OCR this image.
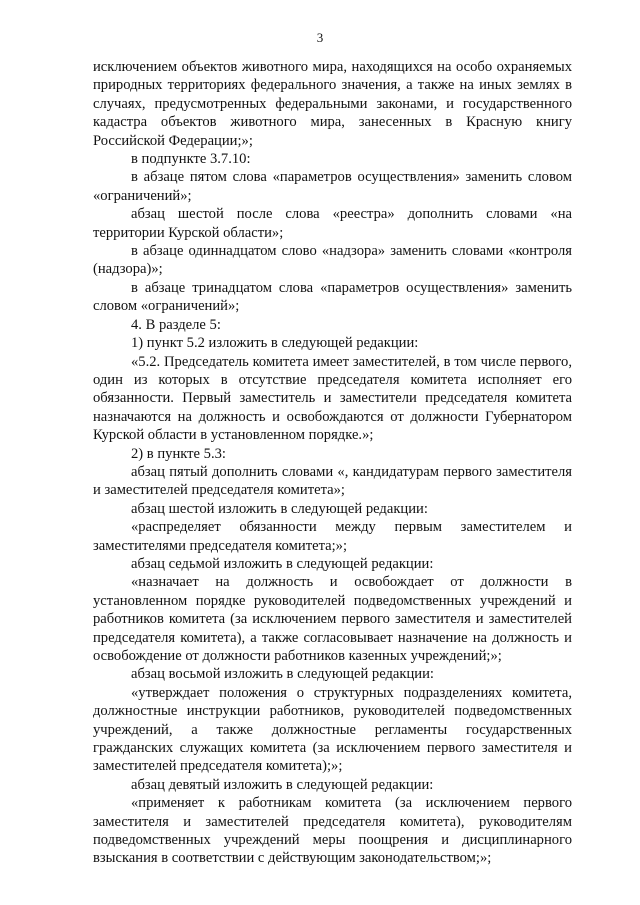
3

исключением объектов животного мира, находящихся на особо охраняемых природных территориях федерального значения, а также на иных землях в случаях, предусмотренных федеральными законами, и государственного кадастра объектов животного мира, занесенных в Красную книгу Российской Федерации;»;

в подпункте 3.7.10:

в абзаце пятом слова «параметров осуществления» заменить словом «ограничений»;

абзац шестой после слова «реестра» дополнить словами «на территории Курской области»;

в абзаце одиннадцатом слово «надзора» заменить словами «контроля (надзора)»;

в абзаце тринадцатом слова «параметров осуществления» заменить словом «ограничений»;

4. В разделе 5:

1) пункт 5.2 изложить в следующей редакции:

«5.2. Председатель комитета имеет заместителей, в том числе первого, один из которых в отсутствие председателя комитета исполняет его обязанности. Первый заместитель и заместители председателя комитета назначаются на должность и освобождаются от должности Губернатором Курской области в установленном порядке.»;

2) в пункте 5.3:

абзац пятый дополнить словами «, кандидатурам первого заместителя и заместителей председателя комитета»;

абзац шестой изложить в следующей редакции:

«распределяет обязанности между первым заместителем и заместителями председателя комитета;»;

абзац седьмой изложить в следующей редакции:

«назначает на должность и освобождает от должности в установленном порядке руководителей подведомственных учреждений и работников комитета (за исключением первого заместителя и заместителей председателя комитета), а также согласовывает назначение на должность и освобождение от должности работников казенных учреждений;»;

абзац восьмой изложить в следующей редакции:

«утверждает положения о структурных подразделениях комитета, должностные инструкции работников, руководителей подведомственных учреждений, а также должностные регламенты государственных гражданских служащих комитета (за исключением первого заместителя и заместителей председателя комитета);»;

абзац девятый изложить в следующей редакции:

«применяет к работникам комитета (за исключением первого заместителя и заместителей председателя комитета), руководителям подведомственных учреждений меры поощрения и дисциплинарного взыскания в соответствии с действующим законодательством;»;
